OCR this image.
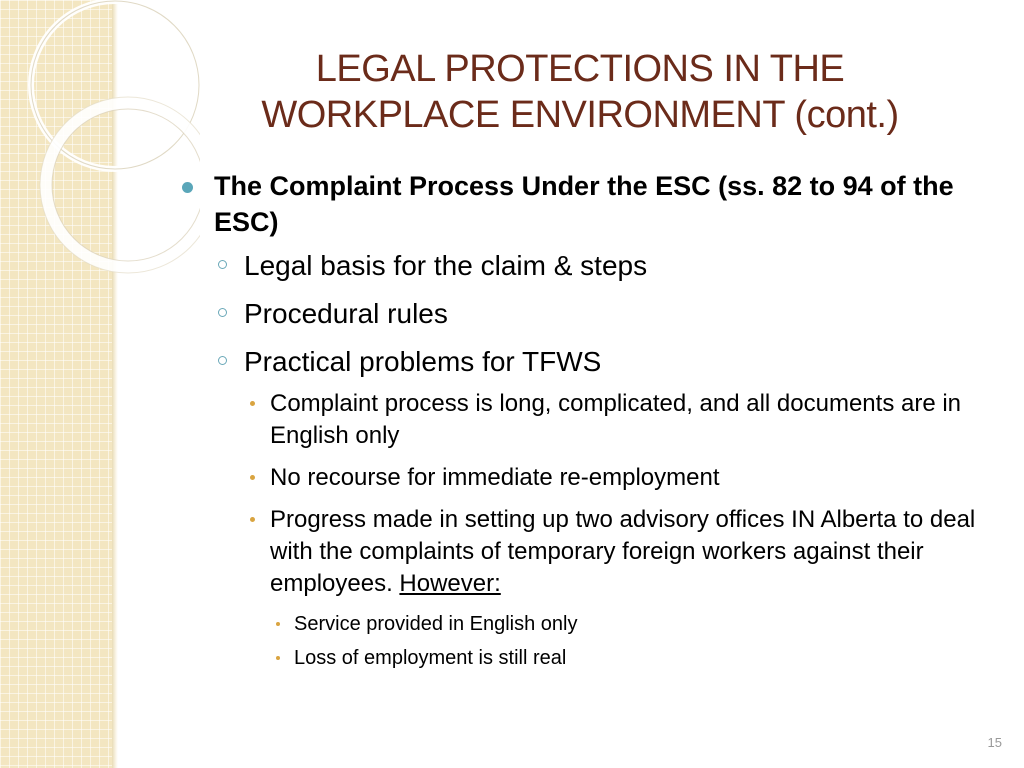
LEGAL PROTECTIONS IN THE
WORKPLACE ENVIRONMENT (cont.)
The Complaint Process Under the ESC (ss. 82 to 94 of the ESC)
Legal basis for the claim & steps
Procedural rules
Practical problems for TFWS
Complaint process is long, complicated, and all documents are in English only
No recourse for immediate re-employment
Progress made in setting up two advisory offices IN Alberta to deal with the complaints of temporary foreign workers against their employees. However:
Service provided in English only
Loss of employment is still real
15
